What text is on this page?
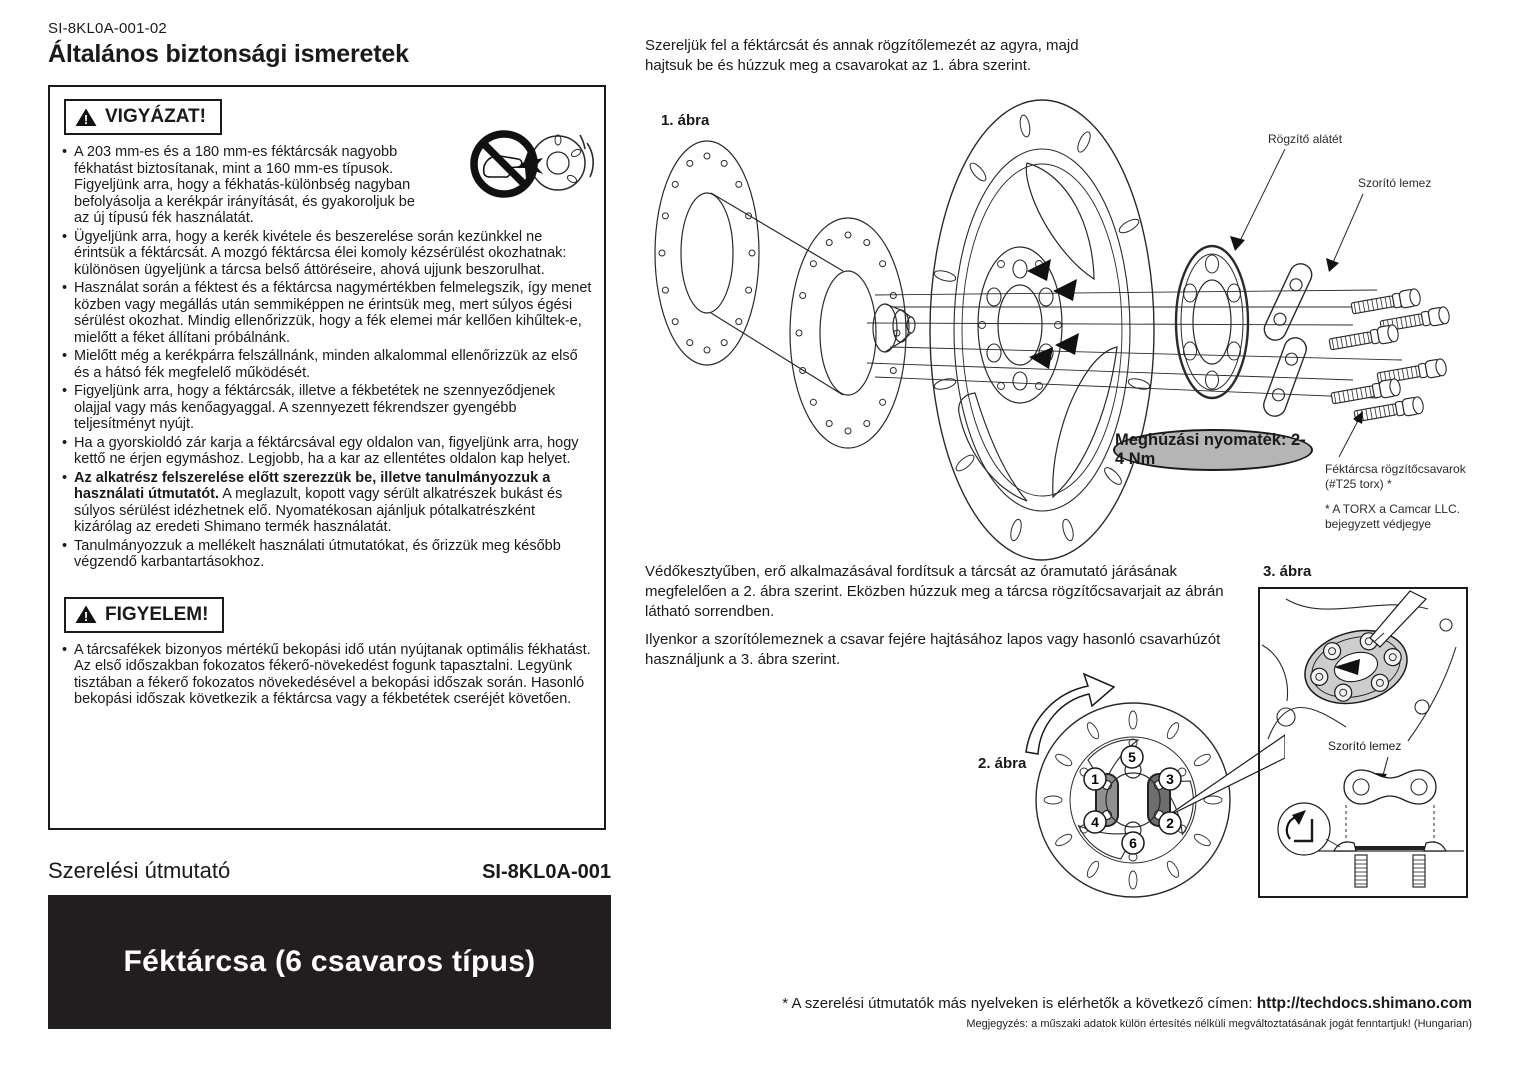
SI-8KL0A-001-02
Általános biztonsági ismeretek
! VIGYÁZAT!
• A 203 mm-es és a 180 mm-es féktárcsák nagyobb fékhatást biztosítanak, mint a 160 mm-es típusok. Figyeljünk arra, hogy a fékhatás-különbség nagyban befolyásolja a kerékpár irányítását, és gyakoroljuk be az új típusú fék használatát.
• Ügyeljünk arra, hogy a kerék kivétele és beszerelése során kezünkkel ne érintsük a féktárcsát. A mozgó féktárcsa élei komoly kézsérülést okozhatnak: különösen ügyeljünk a tárcsa belső áttöréseire, ahová ujjunk beszorulhat.
• Használat során a féktest és a féktárcsa nagymértékben felmelegszik, így menet közben vagy megállás után semmiképpen ne érintsük meg, mert súlyos égési sérülést okozhat. Mindig ellenőrizzük, hogy a fék elemei már kellően kihűltek-e, mielőtt a féket állítani próbálnánk.
• Mielőtt még a kerékpárra felszállnánk, minden alkalommal ellenőrizzük az első és a hátsó fék megfelelő működését.
• Figyeljünk arra, hogy a féktárcsák, illetve a fékbetétek ne szennyeződjenek olajjal vagy más kenőagyaggal. A szennyezett fékrendszer gyengébb teljesítményt nyújt.
• Ha a gyorskioldó zár karja a féktárcsával egy oldalon van, figyeljünk arra, hogy kettő ne érjen egymáshoz. Legjobb, ha a kar az ellentétes oldalon kap helyet.
• Az alkatrész felszerelése előtt szerezzük be, illetve tanulmányozzuk a használati útmutatót. A meglazult, kopott vagy sérült alkatrészek bukást és súlyos sérülést idézhetnek elő. Nyomatékosan ajánljuk pótalkatrészként kizárólag az eredeti Shimano termék használatát.
• Tanulmányozzuk a mellékelt használati útmutatókat, és őrizzük meg később végzendő karbantartásokhoz.
! FIGYELEM!
• A tárcsafékek bizonyos mértékű bekopási idő után nyújtanak optimális fékhatást. Az első időszakban fokozatos fékerő-növekedést fogunk tapasztalni. Legyünk tisztában a fékerő fokozatos növekedésével a bekopási időszak során. Hasonló bekopási időszak következik a féktárcsa vagy a fékbetétek cseréjét követően.
Szerelési útmutató	SI-8KL0A-001
Féktárcsa (6 csavaros típus)
Szereljük fel a féktárcsát és annak rögzítőlemezét az agyra, majd
hajtsuk be és húzzuk meg a csavarokat az 1. ábra szerint.
1. ábra
Rögzítő alátét
Szorító lemez
Meghúzási nyomaték: 2-4 Nm
Féktárcsa rögzítőcsavarok
(#T25 torx) *
* A TORX a Camcar LLC.
bejegyzett védjegye
Védőkesztyűben, erő alkalmazásával fordítsuk a tárcsát az óramutató járásának
megfelelően a 2. ábra szerint. Eközben húzzuk meg a tárcsa rögzítőcsavarjait az ábrán
látható sorrendben.
Ilyenkor a szorítólemeznek a csavar fejére hajtásához lapos vagy hasonló csavarhúzót
használjunk a 3. ábra szerint.
2. ábra	5
1	3
4	2
6
3. ábra
Szorító lemez
* A szerelési útmutatók más nyelveken is elérhetők a következő címen: http://techdocs.shimano.com
Megjegyzés: a műszaki adatok külön értesítés nélküli megváltoztatásának jogát fenntartjuk! (Hungarian)
